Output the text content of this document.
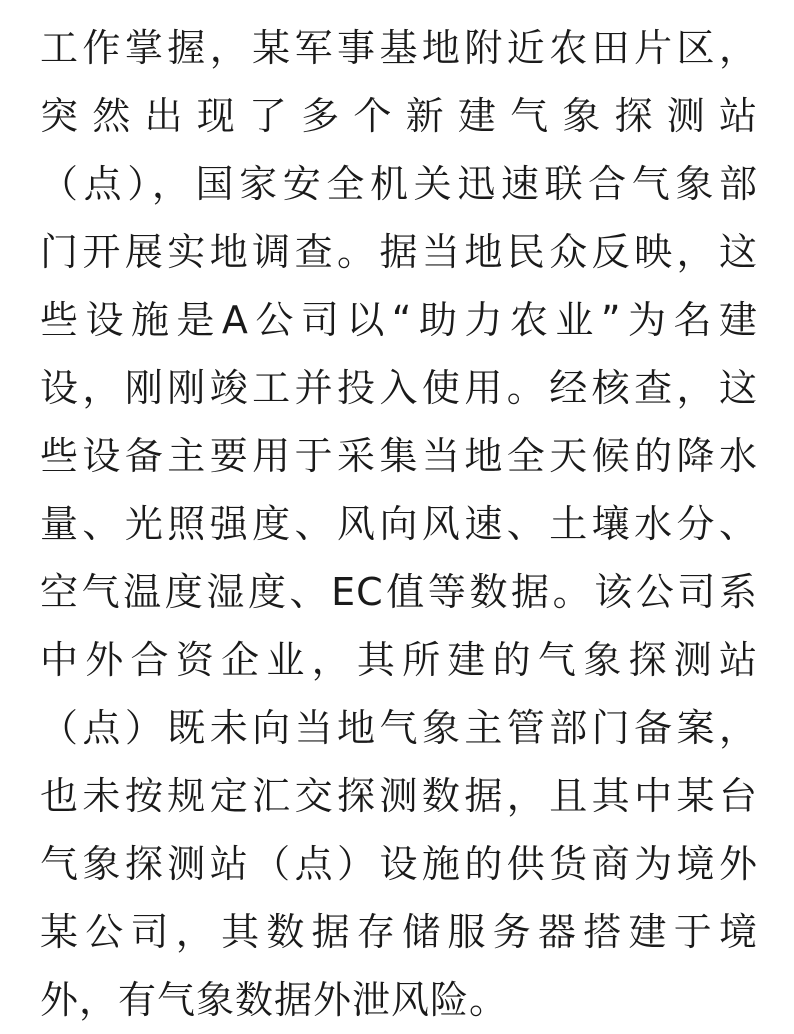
工作掌握，某军事基地附近农田片区，
突然出现了多个新建气象探测站
（点），国家安全机关迅速联合气象部
门开展实地调查。据当地民众反映，这
些设施是A公司以“助力农业”为名建
设，刚刚竣工并投入使用。经核查，这
些设备主要用于采集当地全天候的降水
量、光照强度、风向风速、土壤水分、
空气温度湿度、EC值等数据。该公司系
中外合资企业，其所建的气象探测站
（点）既未向当地气象主管部门备案，
也未按规定汇交探测数据，且其中某台
气象探测站（点）设施的供货商为境外
某公司，其数据存储服务器搭建于境
外，有气象数据外泄风险。
